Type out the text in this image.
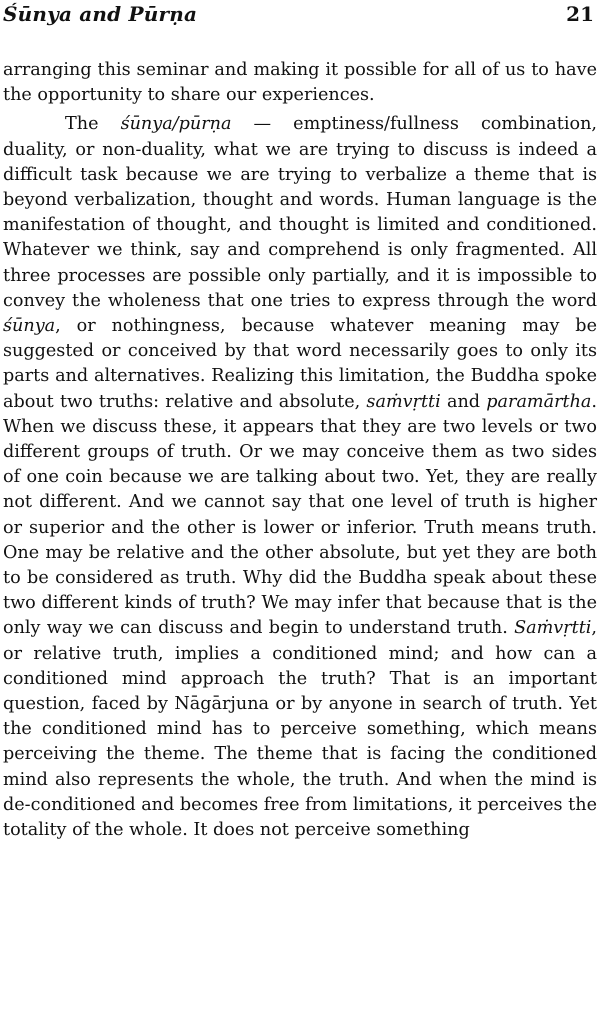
Śūnya and Pūrṇa	21

arranging this seminar and making it possible for all of us to have the opportunity to share our experiences.

The śūnya/pūrṇa — emptiness/fullness combination, duality, or non-duality, what we are trying to discuss is indeed a difficult task because we are trying to verbalize a theme that is beyond verbalization, thought and words. Human language is the manifestation of thought, and thought is limited and conditioned. Whatever we think, say and comprehend is only fragmented. All three processes are possible only partially, and it is impossible to convey the wholeness that one tries to express through the word śūnya, or nothingness, because whatever meaning may be suggested or conceived by that word necessarily goes to only its parts and alternatives. Realizing this limitation, the Buddha spoke about two truths: relative and absolute, saṁvṛtti and paramārtha. When we discuss these, it appears that they are two levels or two different groups of truth. Or we may conceive them as two sides of one coin because we are talking about two. Yet, they are really not different. And we cannot say that one level of truth is higher or superior and the other is lower or inferior. Truth means truth. One may be relative and the other absolute, but yet they are both to be considered as truth. Why did the Buddha speak about these two different kinds of truth? We may infer that because that is the only way we can discuss and begin to understand truth. Saṁvṛtti, or relative truth, implies a conditioned mind; and how can a conditioned mind approach the truth? That is an important question, faced by Nāgārjuna or by anyone in search of truth. Yet the conditioned mind has to perceive something, which means perceiving the theme. The theme that is facing the conditioned mind also represents the whole, the truth. And when the mind is de-conditioned and becomes free from limitations, it perceives the totality of the whole. It does not perceive something
